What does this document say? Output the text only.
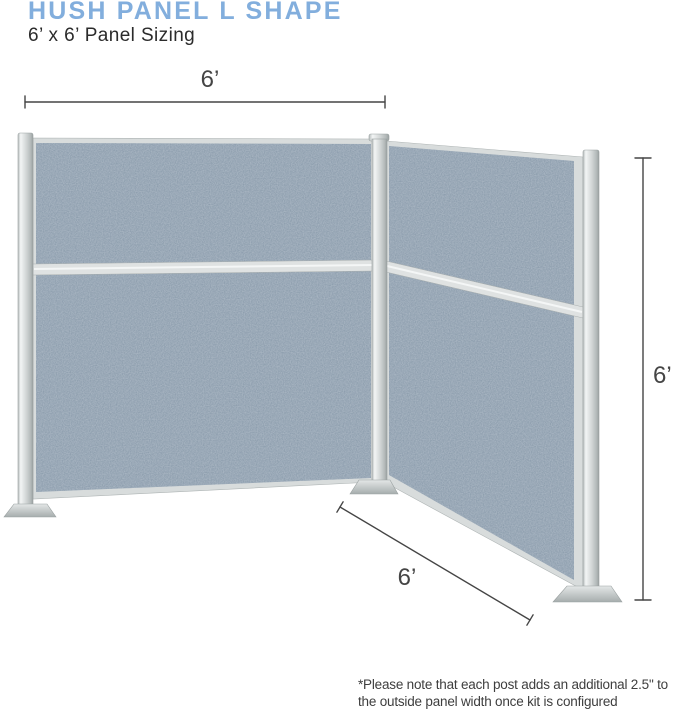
HUSH PANEL L SHAPE
6’ x 6’ Panel Sizing
6’
6’
6’
*Please note that each post adds an additional 2.5" to
the outside panel width once kit is configured
